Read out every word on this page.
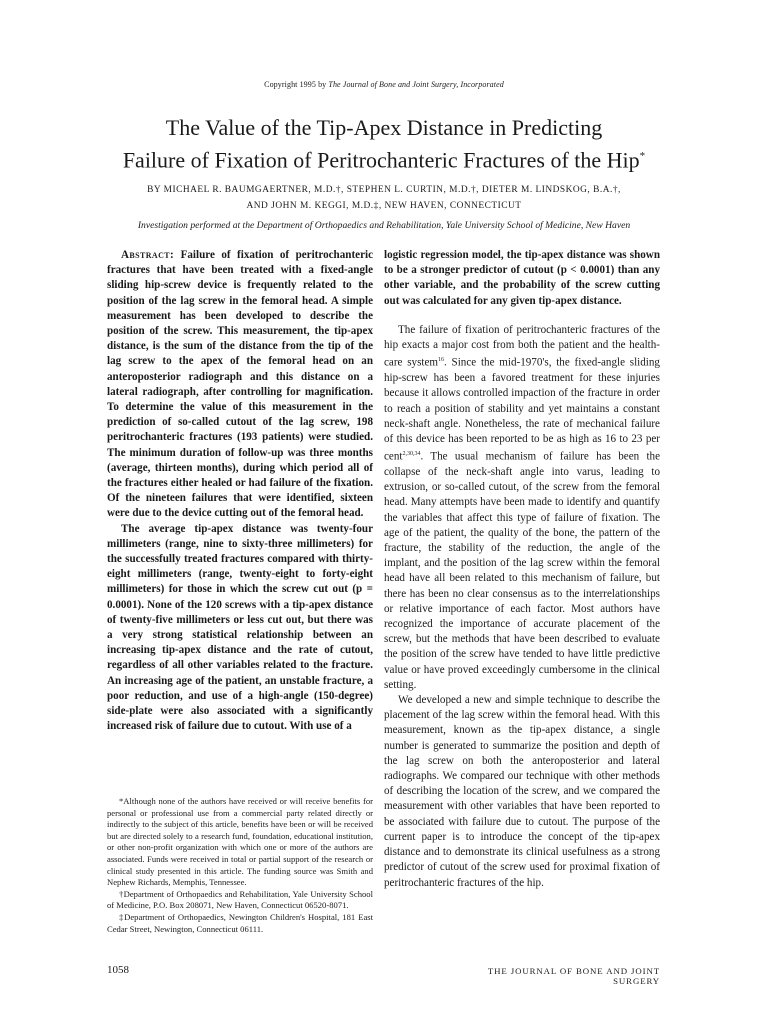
Copyright 1995 by The Journal of Bone and Joint Surgery, Incorporated
The Value of the Tip-Apex Distance in Predicting
Failure of Fixation of Peritrochanteric Fractures of the Hip*
BY MICHAEL R. BAUMGAERTNER, M.D.†, STEPHEN L. CURTIN, M.D.†, DIETER M. LINDSKOG, B.A.†,
AND JOHN M. KEGGI, M.D.‡, NEW HAVEN, CONNECTICUT
Investigation performed at the Department of Orthopaedics and Rehabilitation, Yale University School of Medicine, New Haven

Abstract: Failure of fixation of peritrochanteric fractures that have been treated with a fixed-angle sliding hip-screw device is frequently related to the position of the lag screw in the femoral head. A simple measurement has been developed to describe the position of the screw. This measurement, the tip-apex distance, is the sum of the distance from the tip of the lag screw to the apex of the femoral head on an anteroposterior radiograph and this distance on a lateral radiograph, after controlling for magnification. To determine the value of this measurement in the prediction of so-called cutout of the lag screw, 198 peritrochanteric fractures (193 patients) were studied. The minimum duration of follow-up was three months (average, thirteen months), during which period all of the fractures either healed or had failure of the fixation. Of the nineteen failures that were identified, sixteen were due to the device cutting out of the femoral head.

The average tip-apex distance was twenty-four millimeters (range, nine to sixty-three millimeters) for the successfully treated fractures compared with thirty-eight millimeters (range, twenty-eight to forty-eight millimeters) for those in which the screw cut out (p = 0.0001). None of the 120 screws with a tip-apex distance of twenty-five millimeters or less cut out, but there was a very strong statistical relationship between an increasing tip-apex distance and the rate of cutout, regardless of all other variables related to the fracture. An increasing age of the patient, an unstable fracture, a poor reduction, and use of a high-angle (150-degree) side-plate were also associated with a significantly increased risk of failure due to cutout. With use of a

*Although none of the authors have received or will receive benefits for personal or professional use from a commercial party related directly or indirectly to the subject of this article, benefits have been or will be received but are directed solely to a research fund, foundation, educational institution, or other non-profit organization with which one or more of the authors are associated. Funds were received in total or partial support of the research or clinical study presented in this article. The funding source was Smith and Nephew Richards, Memphis, Tennessee.

†Department of Orthopaedics and Rehabilitation, Yale University School of Medicine, P.O. Box 208071, New Haven, Connecticut 06520-8071.

‡Department of Orthopaedics, Newington Children's Hospital, 181 East Cedar Street, Newington, Connecticut 06111.

logistic regression model, the tip-apex distance was shown to be a stronger predictor of cutout (p < 0.0001) than any other variable, and the probability of the screw cutting out was calculated for any given tip-apex distance.

The failure of fixation of peritrochanteric fractures of the hip exacts a major cost from both the patient and the health-care system$^{16}$. Since the mid-1970's, the fixed-angle sliding hip-screw has been a favored treatment for these injuries because it allows controlled impaction of the fracture in order to reach a position of stability and yet maintains a constant neck-shaft angle. Nonetheless, the rate of mechanical failure of this device has been reported to be as high as 16 to 23 per cent$^{2,30,34}$. The usual mechanism of failure has been the collapse of the neck-shaft angle into varus, leading to extrusion, or so-called cutout, of the screw from the femoral head. Many attempts have been made to identify and quantify the variables that affect this type of failure of fixation. The age of the patient, the quality of the bone, the pattern of the fracture, the stability of the reduction, the angle of the implant, and the position of the lag screw within the femoral head have all been related to this mechanism of failure, but there has been no clear consensus as to the interrelationships or relative importance of each factor. Most authors have recognized the importance of accurate placement of the screw, but the methods that have been described to evaluate the position of the screw have tended to have little predictive value or have proved exceedingly cumbersome in the clinical setting.

We developed a new and simple technique to describe the placement of the lag screw within the femoral head. With this measurement, known as the tip-apex distance, a single number is generated to summarize the position and depth of the lag screw on both the anteroposterior and lateral radiographs. We compared our technique with other methods of describing the location of the screw, and we compared the measurement with other variables that have been reported to be associated with failure due to cutout. The purpose of the current paper is to introduce the concept of the tip-apex distance and to demonstrate its clinical usefulness as a strong predictor of cutout of the screw used for proximal fixation of peritrochanteric fractures of the hip.

1058	THE JOURNAL OF BONE AND JOINT SURGERY
